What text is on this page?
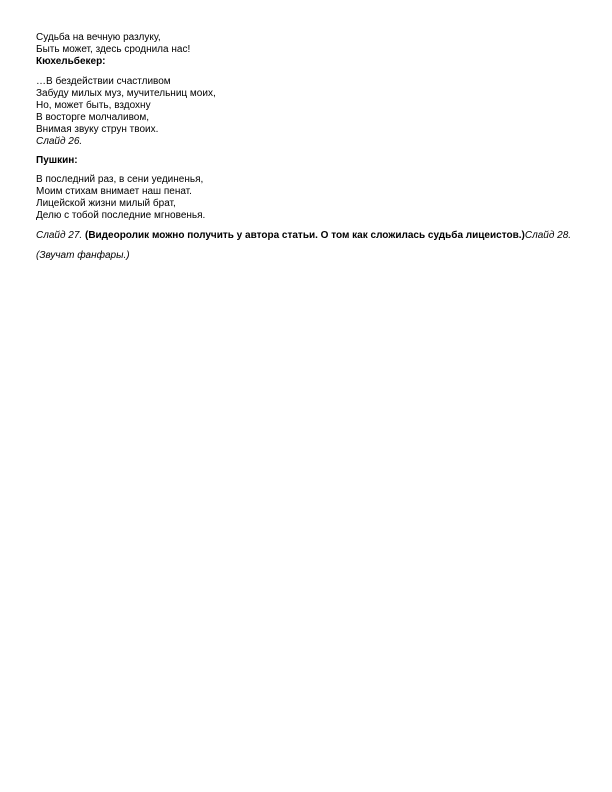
Судьба на вечную разлуку,
Быть может, здесь сроднила нас!
Кюхельбекер:
…В бездействии счастливом
Забуду милых муз, мучительниц моих,
Но, может быть, вздохну
В восторге молчаливом,
Внимая звуку струн твоих.
Слайд 26.
Пушкин:
В последний раз, в сени уединенья,
Моим стихам внимает наш пенат.
Лицейской жизни милый брат,
Делю с тобой последние мгновенья.
Слайд 27. (Видеоролик можно получить у автора статьи. О том как сложилась судьба лицеистов.)Слайд 28.
(Звучат фанфары.)
